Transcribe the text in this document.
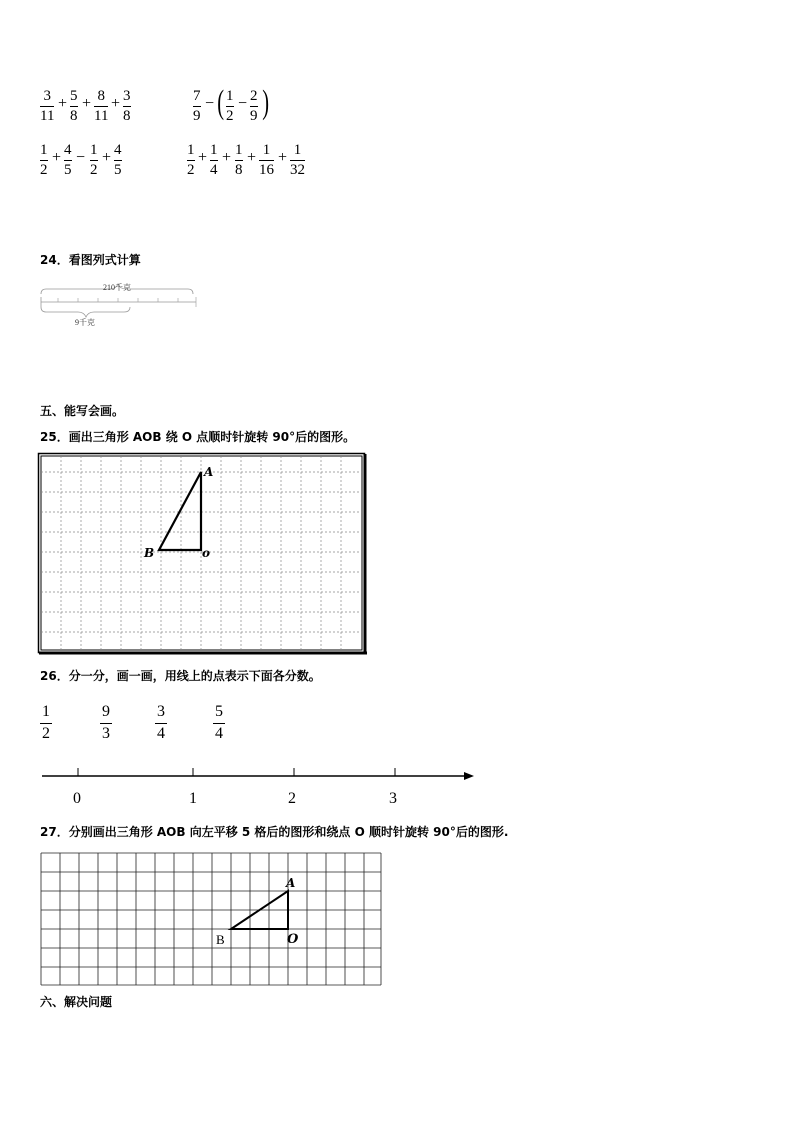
3
11
+ 5
8
+ 8
11
+ 3
8
7
9
− ( 1
2
− 2
9 )
1
2
+ 4
5
− 1
2
+ 4
5
1
2
+ 1
4
+ 1
8
+ 1
16
+ 1
32
24．看图列式计算
210千克
9千克
五、能写会画。
25．画出三角形 AOB 绕 O 点顺时针旋转 90°后的图形。
A
B	o
26．分一分，画一画，用线上的点表示下面各分数。
1
2
9
3
3
4
5
4
0	1	2	3
27．分别画出三角形 AOB 向左平移 5 格后的图形和绕点 O 顺时针旋转 90°后的图形.
A
B	O
六、解决问题
